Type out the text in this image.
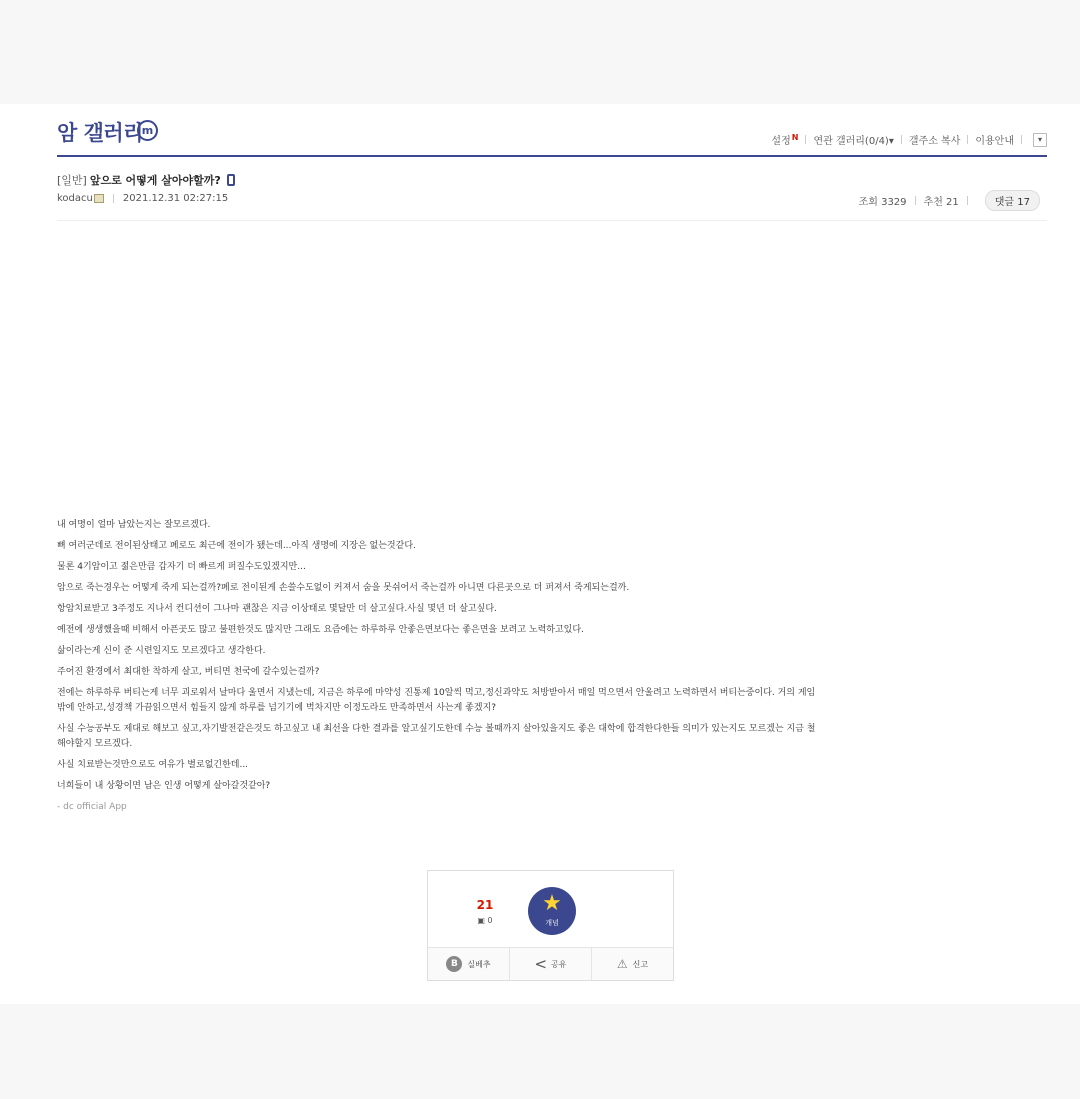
암 갤러리
m
설정$^N$ 연관 갤러리(0/4)▾ 갤주소 복사 이용안내	▾
[일반] 앞으로 어떻게 살아야할까?
kodacu	2021.12.31 02:27:15	조회 3329 추천 21	댓글 17

내 여명이 얼마 남았는지는 잘모르겠다.

뼈 여러군데로 전이된상태고 폐로도 최근에 전이가 됐는데...아직 생명에 지장은 없는것같다.

물론 4기암이고 젊은만큼 갑자기 더 빠르게 퍼질수도있겠지만...

암으로 죽는경우는 어떻게 죽게 되는걸까?폐로 전이된게 손쓸수도없이 커져서 숨을 못쉬어서 죽는걸까 아니면 다른곳으로 더 퍼져서 죽게되는걸까.

항암치료받고 3주정도 지나서 컨디션이 그나마 괜찮은 지금 이상태로 몇달만 더 살고싶다.사실 몇년 더 살고싶다.

예전에 생생했을때 비해서 아픈곳도 많고 불편한것도 많지만 그래도 요즘에는 하루하루 안좋은면보다는 좋은면을 보려고 노력하고있다.

삶이라는게 신이 준 시련일지도 모르겠다고 생각한다.

주어진 환경에서 최대한 착하게 살고, 버티면 천국에 갈수있는걸까?

전에는 하루하루 버티는게 너무 괴로워서 날마다 울면서 지냈는데, 지금은 하루에 마약성 진통제 10알씩 먹고,정신과약도 처방받아서 매일 먹으면서 안울려고 노력하면서 버티는중이다. 거의 게임밖에 안하고,성경책 가끔읽으면서 힘들지 않게 하루를 넘기기에 벅차지만 이정도라도 만족하면서 사는게 좋겠지?

사실 수능공부도 제대로 해보고 싶고,자기발전같은것도 하고싶고 내 최선을 다한 결과를 알고싶기도한데 수능 볼때까지 살아있을지도 좋은 대학에 합격한다한들 의미가 있는지도 모르겠는 지금 철해야할지 모르겠다.

사실 치료받는것만으로도 여유가 별로없긴한데...

너희들이 내 상황이면 남은 인생 어떻게 살아갈것같아?

- dc official App

21
▣ 0
★
개념
B	실베추	< 공유	⚠ 신고
